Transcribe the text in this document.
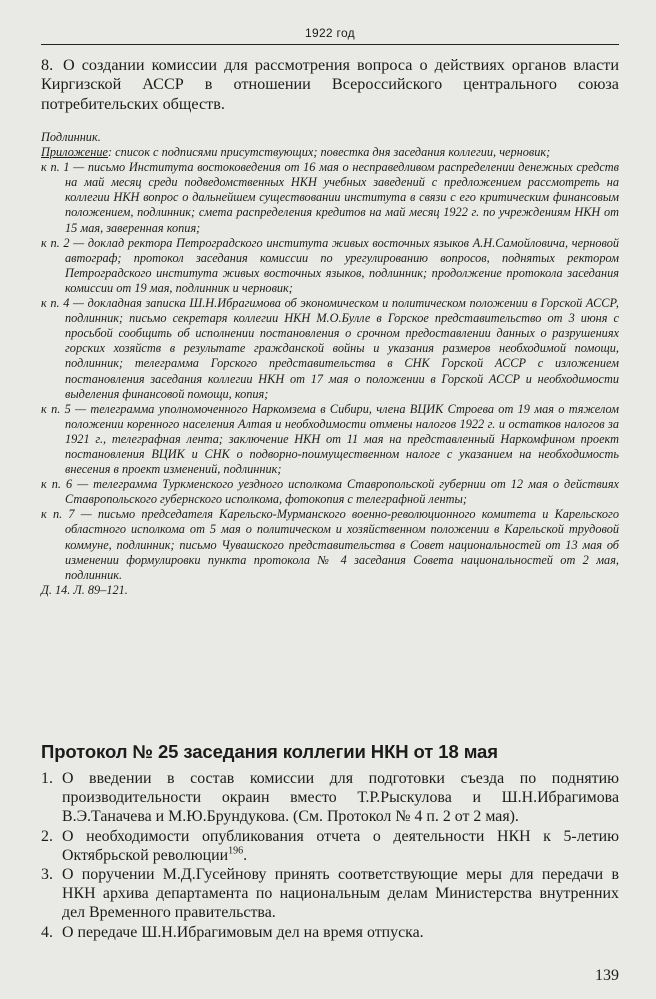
1922 год
8. О создании комиссии для рассмотрения вопроса о действиях органов власти Киргизской АССР в отношении Всероссийского центрального союза потребительских обществ.

Подлинник.

Приложение: список с подписями присутствующих; повестка дня заседания коллегии, черновик;

к п. 1 — письмо Института востоковедения от 16 мая о несправедливом распределении денежных средств на май месяц среди подведомственных НКН учебных заведений с предложением рассмотреть на коллегии НКН вопрос о дальнейшем существовании института в связи с его критическим финансовым положением, подлинник; смета распределения кредитов на май месяц 1922 г. по учреждениям НКН от 15 мая, заверенная копия;

к п. 2 — доклад ректора Петроградского института живых восточных языков А.Н.Самойловича, черновой автограф; протокол заседания комиссии по урегулированию вопросов, поднятых ректором Петроградского института живых восточных языков, подлинник; продолжение протокола заседания комиссии от 19 мая, подлинник и черновик;

к п. 4 — докладная записка Ш.Н.Ибрагимова об экономическом и политическом положении в Горской АССР, подлинник; письмо секретаря коллегии НКН М.О.Булле в Горское представительство от 3 июня с просьбой сообщить об исполнении постановления о срочном предоставлении данных о разрушениях горских хозяйств в результате гражданской войны и указания размеров необходимой помощи, подлинник; телеграмма Горского представительства в СНК Горской АССР с изложением постановления заседания коллегии НКН от 17 мая о положении в Горской АССР и необходимости выделения финансовой помощи, копия;

к п. 5 — телеграмма уполномоченного Наркомзема в Сибири, члена ВЦИК Строева от 19 мая о тяжелом положении коренного населения Алтая и необходимости отмены налогов 1922 г. и остатков налогов за 1921 г., телеграфная лента; заключение НКН от 11 мая на представленный Наркомфином проект постановления ВЦИК и СНК о подворно-поимущественном налоге с указанием на необходимость внесения в проект изменений, подлинник;

к п. 6 — телеграмма Туркменского уездного исполкома Ставропольской губернии от 12 мая о действиях Ставропольского губернского исполкома, фотокопия с телеграфной ленты;

к п. 7 — письмо председателя Карельско-Мурманского военно-революционного комитета и Карельского областного исполкома от 5 мая о политическом и хозяйственном положении в Карельской трудовой коммуне, подлинник; письмо Чувашского представительства в Совет национальностей от 13 мая об изменении формулировки пункта протокола № 4 заседания Совета национальностей от 2 мая, подлинник.

Д. 14. Л. 89–121.

Протокол № 25 заседания коллегии НКН от 18 мая

1. О введении в состав комиссии для подготовки съезда по поднятию производительности окраин вместо Т.Р.Рыскулова и Ш.Н.Ибрагимова В.Э.Таначева и М.Ю.Брундукова. (См. Протокол № 4 п. 2 от 2 мая).

2. О необходимости опубликования отчета о деятельности НКН к 5-летию Октябрьской революции$^{196}$.

3. О поручении М.Д.Гусейнову принять соответствующие меры для передачи в НКН архива департамента по национальным делам Министерства внутренних дел Временного правительства.

4. О передаче Ш.Н.Ибрагимовым дел на время отпуска.

139
